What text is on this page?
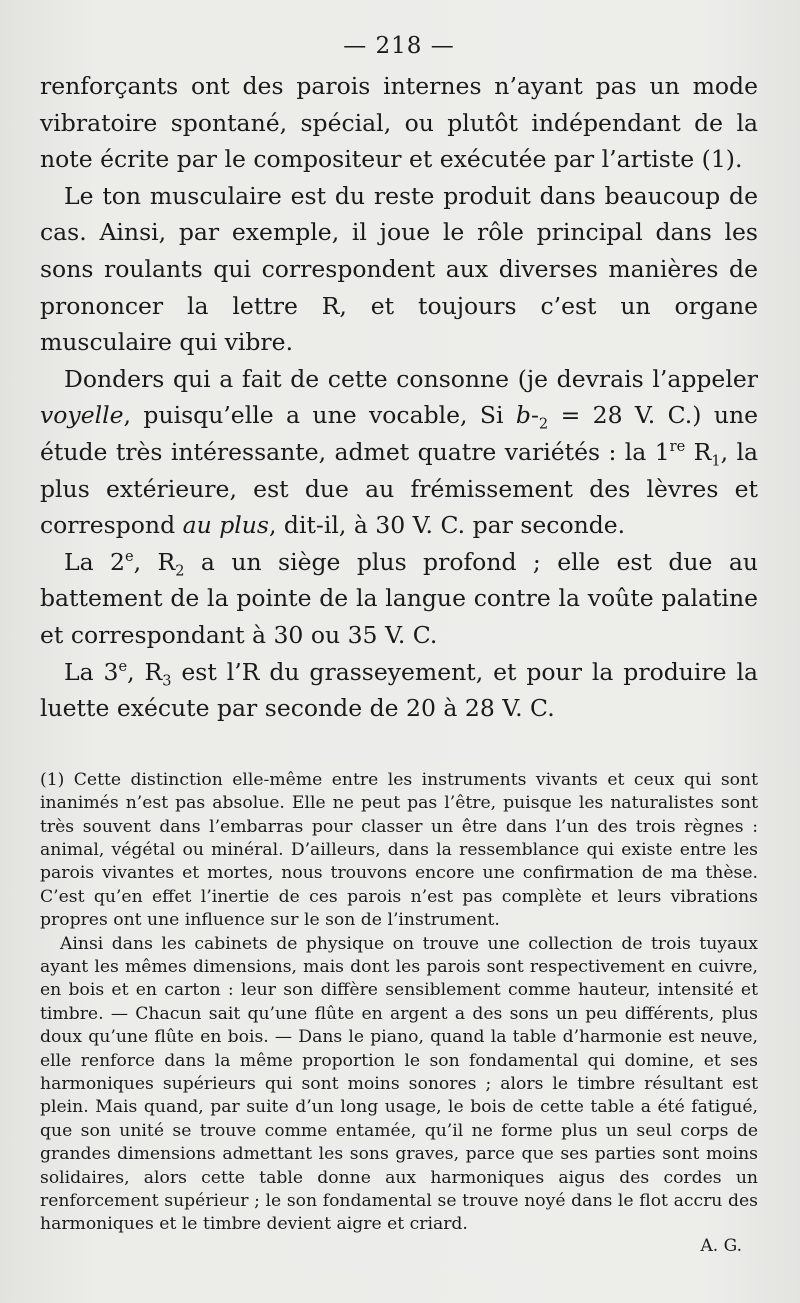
— 218 —

renforçants ont des parois internes n’ayant pas un mode vibratoire spontané, spécial, ou plutôt indépendant de la note écrite par le compositeur et exécutée par l’artiste (1).

Le ton musculaire est du reste produit dans beaucoup de cas. Ainsi, par exemple, il joue le rôle principal dans les sons roulants qui correspondent aux diverses manières de prononcer la lettre R, et toujours c’est un organe musculaire qui vibre.

Donders qui a fait de cette consonne (je devrais l’appeler voyelle, puisqu’elle a une vocable, Si $b-_2 = 28$ V. C.) une étude très intéressante, admet quatre variétés : la 1re $R_1$, la plus extérieure, est due au frémissement des lèvres et correspond au plus, dit-il, à 30 V. C. par seconde.

La 2e, $R_2$ a un siège plus profond ; elle est due au battement de la pointe de la langue contre la voûte palatine et correspondant à 30 ou 35 V. C.

La 3e, $R_3$ est l’R du grasseyement, et pour la produire la luette exécute par seconde de 20 à 28 V. C.

(1) Cette distinction elle-même entre les instruments vivants et ceux qui sont inanimés n’est pas absolue. Elle ne peut pas l’être, puisque les naturalistes sont très souvent dans l’embarras pour classer un être dans l’un des trois règnes : animal, végétal ou minéral. D’ailleurs, dans la ressemblance qui existe entre les parois vivantes et mortes, nous trouvons encore une confirmation de ma thèse. C’est qu’en effet l’inertie de ces parois n’est pas complète et leurs vibrations propres ont une influence sur le son de l’instrument.

Ainsi dans les cabinets de physique on trouve une collection de trois tuyaux ayant les mêmes dimensions, mais dont les parois sont respectivement en cuivre, en bois et en carton : leur son diffère sensiblement comme hauteur, intensité et timbre. — Chacun sait qu’une flûte en argent a des sons un peu différents, plus doux qu’une flûte en bois. — Dans le piano, quand la table d’harmonie est neuve, elle renforce dans la même proportion le son fondamental qui domine, et ses harmoniques supérieurs qui sont moins sonores ; alors le timbre résultant est plein. Mais quand, par suite d’un long usage, le bois de cette table a été fatigué, que son unité se trouve comme entamée, qu’il ne forme plus un seul corps de grandes dimensions admettant les sons graves, parce que ses parties sont moins solidaires, alors cette table donne aux harmoniques aigus des cordes un renforcement supérieur ; le son fondamental se trouve noyé dans le flot accru des harmoniques et le timbre devient aigre et criard.

A. G.
